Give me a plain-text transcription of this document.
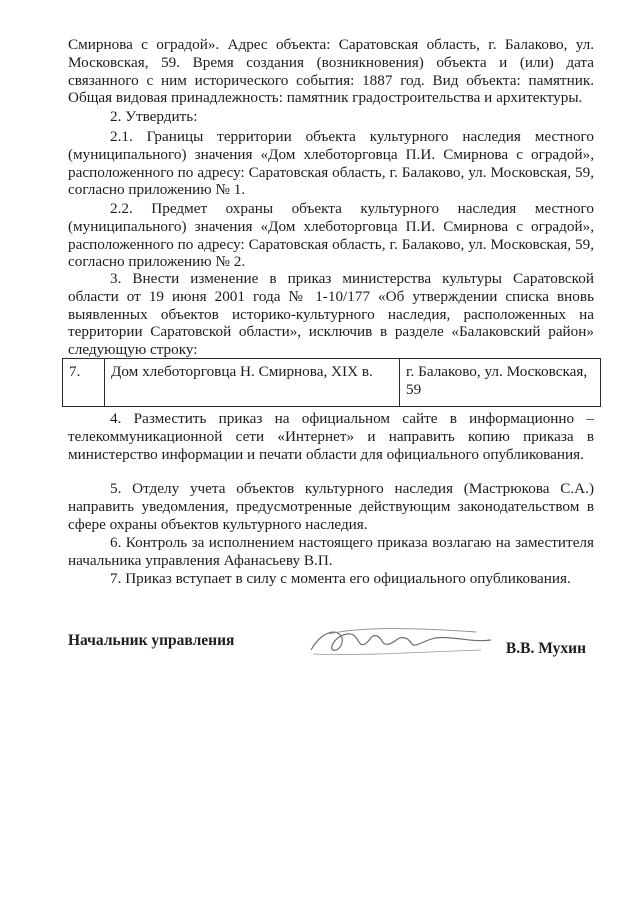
Смирнова с оградой». Адрес объекта: Саратовская область, г. Балаково, ул. Московская, 59. Время создания (возникновения) объекта и (или) дата связанного с ним исторического события: 1887 год. Вид объекта: памятник. Общая видовая принадлежность: памятник градостроительства и архитектуры.
2. Утвердить:
2.1. Границы территории объекта культурного наследия местного (муниципального) значения «Дом хлеботорговца П.И. Смирнова с оградой», расположенного по адресу: Саратовская область, г. Балаково, ул. Московская, 59, согласно приложению № 1.
2.2. Предмет охраны объекта культурного наследия местного (муниципального) значения «Дом хлеботорговца П.И. Смирнова с оградой», расположенного по адресу: Саратовская область, г. Балаково, ул. Московская, 59, согласно приложению № 2.
3. Внести изменение в приказ министерства культуры Саратовской области от 19 июня 2001 года № 1-10/177 «Об утверждении списка вновь выявленных объектов историко-культурного наследия, расположенных на территории Саратовской области», исключив в разделе «Балаковский район» следующую строку:
7.	Дом хлеботорговца Н. Смирнова, XIX в.	г. Балаково, ул. Московская, 59
4. Разместить приказ на официальном сайте в информационно – телекоммуникационной сети «Интернет» и направить копию приказа в министерство информации и печати области для официального опубликования.
5. Отделу учета объектов культурного наследия (Мастрюкова С.А.) направить уведомления, предусмотренные действующим законодательством в сфере охраны объектов культурного наследия.
6. Контроль за исполнением настоящего приказа возлагаю на заместителя начальника управления Афанасьеву В.П.
7. Приказ вступает в силу с момента его официального опубликования.
Начальник управления	В.В. Мухин
